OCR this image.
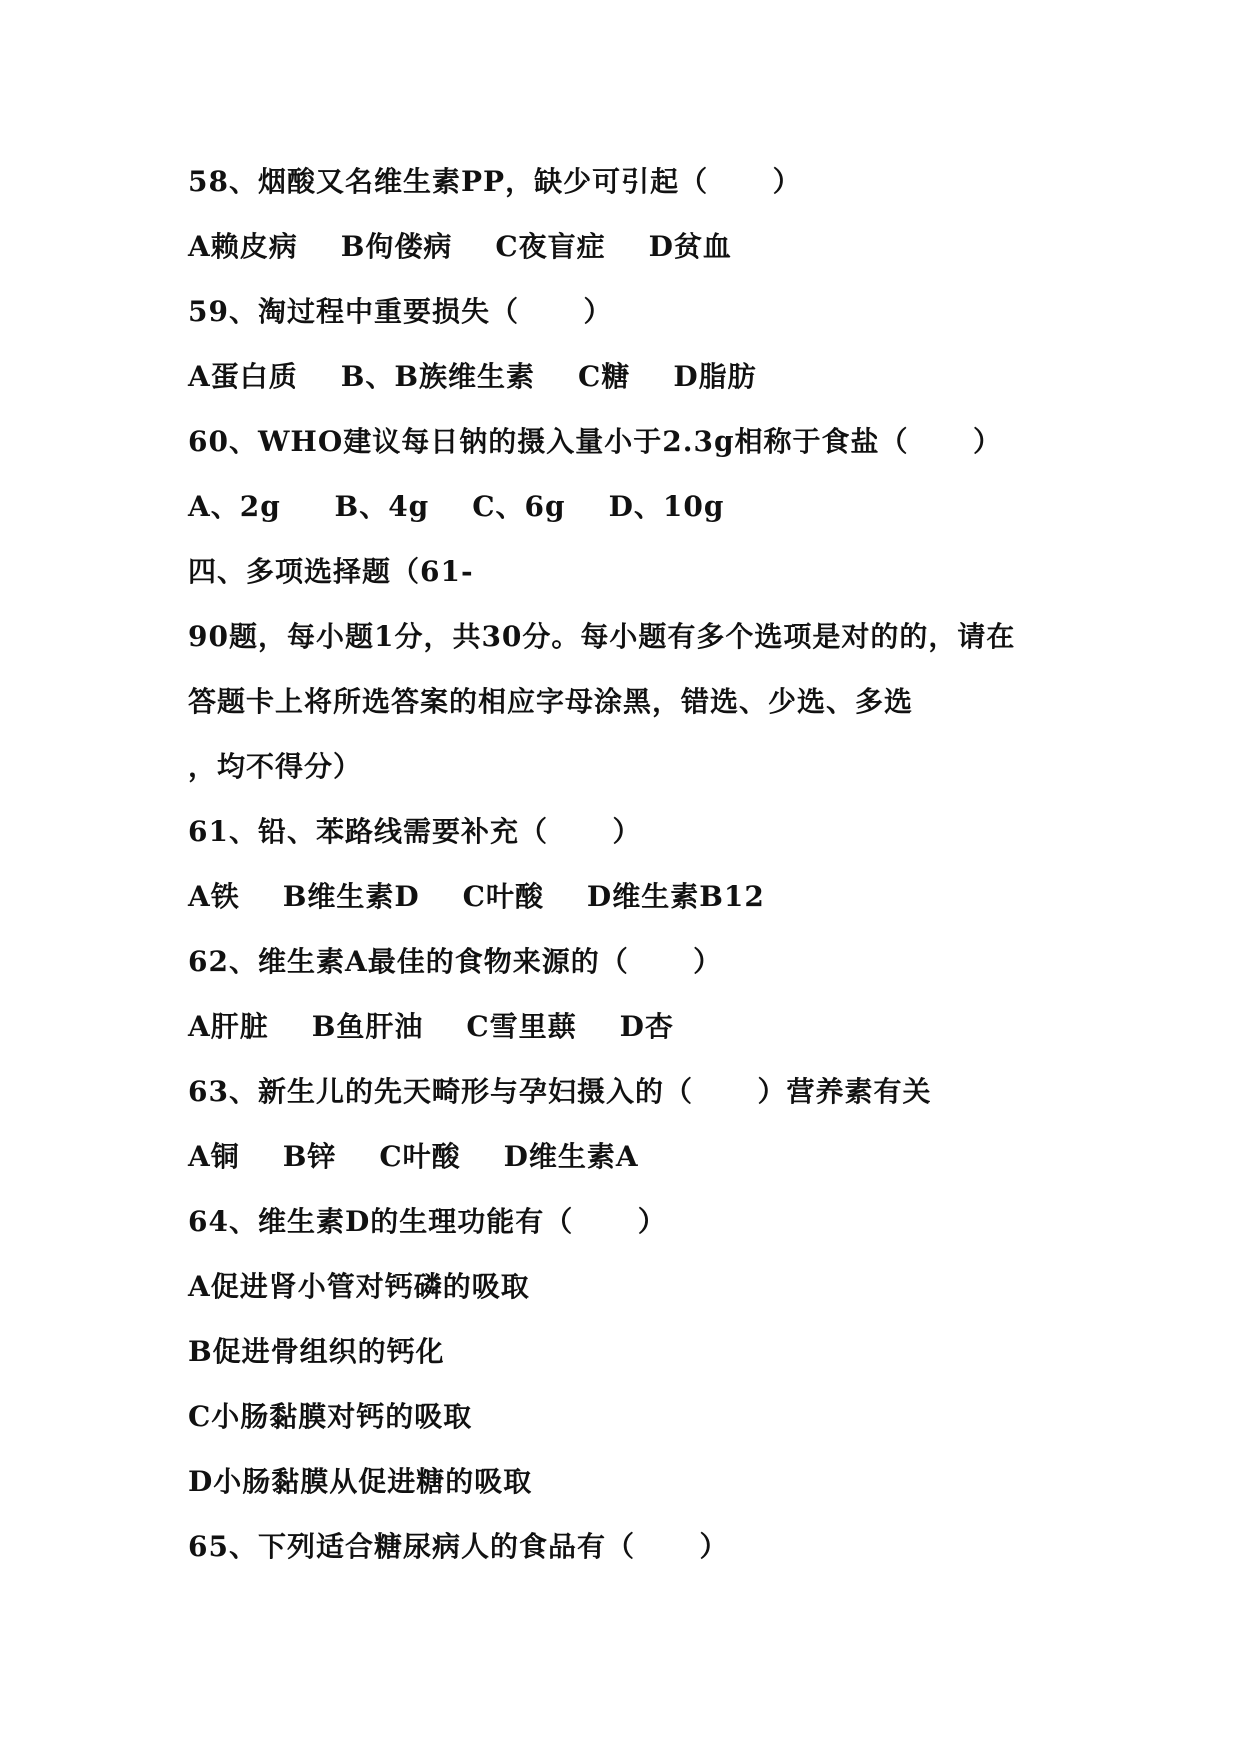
58、烟酸又名维生素PP，缺少可引起（      ）
A赖皮病    B佝偻病    C夜盲症    D贫血
59、淘过程中重要损失（      ）
A蛋白质    B、B族维生素    C糖    D脂肪
60、WHO建议每日钠的摄入量小于2.3g相称于食盐（      ）
A、2g     B、4g    C、6g    D、10g
四、多项选择题（61-
90题，每小题1分，共30分。每小题有多个选项是对的的，请在
答题卡上将所选答案的相应字母涂黑，错选、少选、多选
，均不得分）
61、铅、苯路线需要补充（      ）
A铁    B维生素D    C叶酸    D维生素B12
62、维生素A最佳的食物来源的（      ）
A肝脏    B鱼肝油    C雪里蕻    D杏
63、新生儿的先天畸形与孕妇摄入的（      ）营养素有关
A铜    B锌    C叶酸    D维生素A
64、维生素D的生理功能有（      ）
A促进肾小管对钙磷的吸取
B促进骨组织的钙化
C小肠黏膜对钙的吸取
D小肠黏膜从促进糖的吸取
65、下列适合糖尿病人的食品有（      ）
